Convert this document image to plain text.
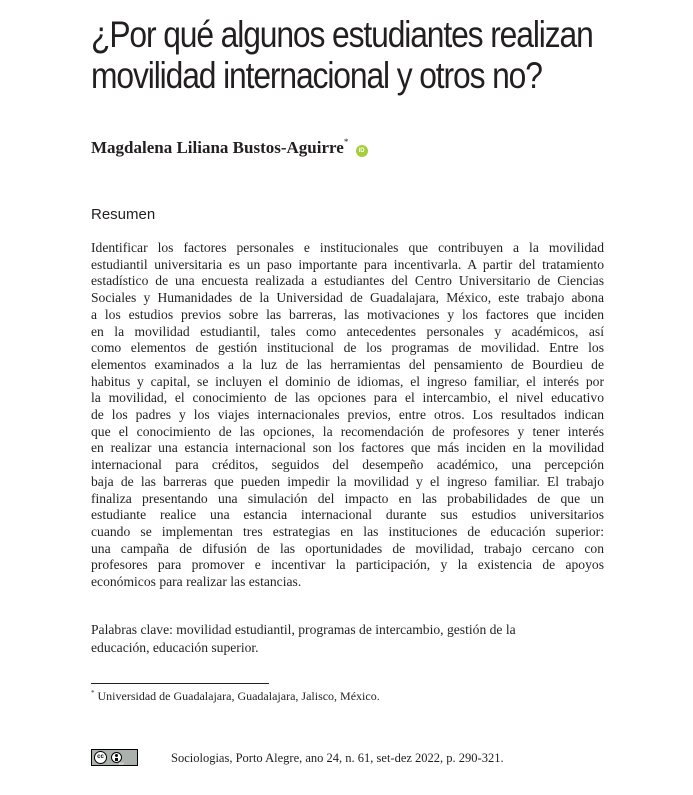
¿Por qué algunos estudiantes realizan
movilidad internacional y otros no?
Magdalena Liliana Bustos-Aguirre* iD
Resumen
Identificar los factores personales e institucionales que contribuyen a la movilidad
estudiantil universitaria es un paso importante para incentivarla. A partir del tratamiento
estadístico de una encuesta realizada a estudiantes del Centro Universitario de Ciencias
Sociales y Humanidades de la Universidad de Guadalajara, México, este trabajo abona
a los estudios previos sobre las barreras, las motivaciones y los factores que inciden
en la movilidad estudiantil, tales como antecedentes personales y académicos, así
como elementos de gestión institucional de los programas de movilidad. Entre los
elementos examinados a la luz de las herramientas del pensamiento de Bourdieu de
habitus y capital, se incluyen el dominio de idiomas, el ingreso familiar, el interés por
la movilidad, el conocimiento de las opciones para el intercambio, el nivel educativo
de los padres y los viajes internacionales previos, entre otros. Los resultados indican
que el conocimiento de las opciones, la recomendación de profesores y tener interés
en realizar una estancia internacional son los factores que más inciden en la movilidad
internacional para créditos, seguidos del desempeño académico, una percepción
baja de las barreras que pueden impedir la movilidad y el ingreso familiar. El trabajo
finaliza presentando una simulación del impacto en las probabilidades de que un
estudiante realice una estancia internacional durante sus estudios universitarios
cuando se implementan tres estrategias en las instituciones de educación superior:
una campaña de difusión de las oportunidades de movilidad, trabajo cercano con
profesores para promover e incentivar la participación, y la existencia de apoyos
económicos para realizar las estancias.
Palabras clave: movilidad estudiantil, programas de intercambio, gestión de la
educación, educación superior.
* Universidad de Guadalajara, Guadalajara, Jalisco, México.
cc
BY	Sociologias, Porto Alegre, ano 24, n. 61, set-dez 2022, p. 290-321.
